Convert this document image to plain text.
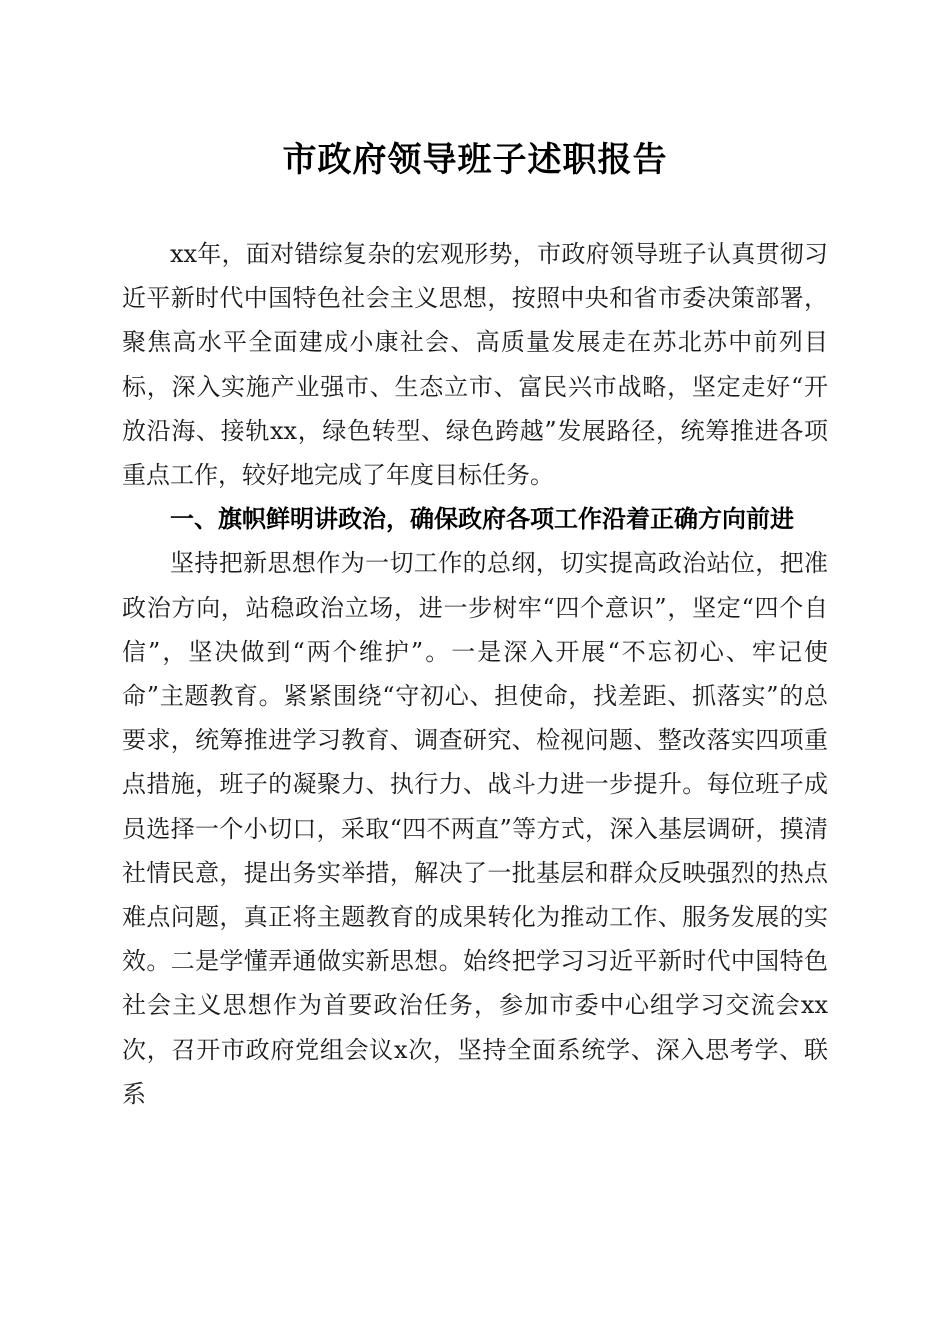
市政府领导班子述职报告

xx年，面对错综复杂的宏观形势，市政府领导班子认真贯彻习近平新时代中国特色社会主义思想，按照中央和省市委决策部署，聚焦高水平全面建成小康社会、高质量发展走在苏北苏中前列目标，深入实施产业强市、生态立市、富民兴市战略，坚定走好“开放沿海、接轨xx，绿色转型、绿色跨越”发展路径，统筹推进各项重点工作，较好地完成了年度目标任务。

一、旗帜鲜明讲政治，确保政府各项工作沿着正确方向前进

坚持把新思想作为一切工作的总纲，切实提高政治站位，把准政治方向，站稳政治立场，进一步树牢“四个意识”，坚定“四个自信”，坚决做到“两个维护”。一是深入开展“不忘初心、牢记使命”主题教育。紧紧围绕“守初心、担使命，找差距、抓落实”的总要求，统筹推进学习教育、调查研究、检视问题、整改落实四项重点措施，班子的凝聚力、执行力、战斗力进一步提升。每位班子成员选择一个小切口，采取“四不两直”等方式，深入基层调研，摸清社情民意，提出务实举措，解决了一批基层和群众反映强烈的热点难点问题，真正将主题教育的成果转化为推动工作、服务发展的实效。二是学懂弄通做实新思想。始终把学习习近平新时代中国特色社会主义思想作为首要政治任务，参加市委中心组学习交流会xx次，召开市政府党组会议x次，坚持全面系统学、深入思考学、联系
